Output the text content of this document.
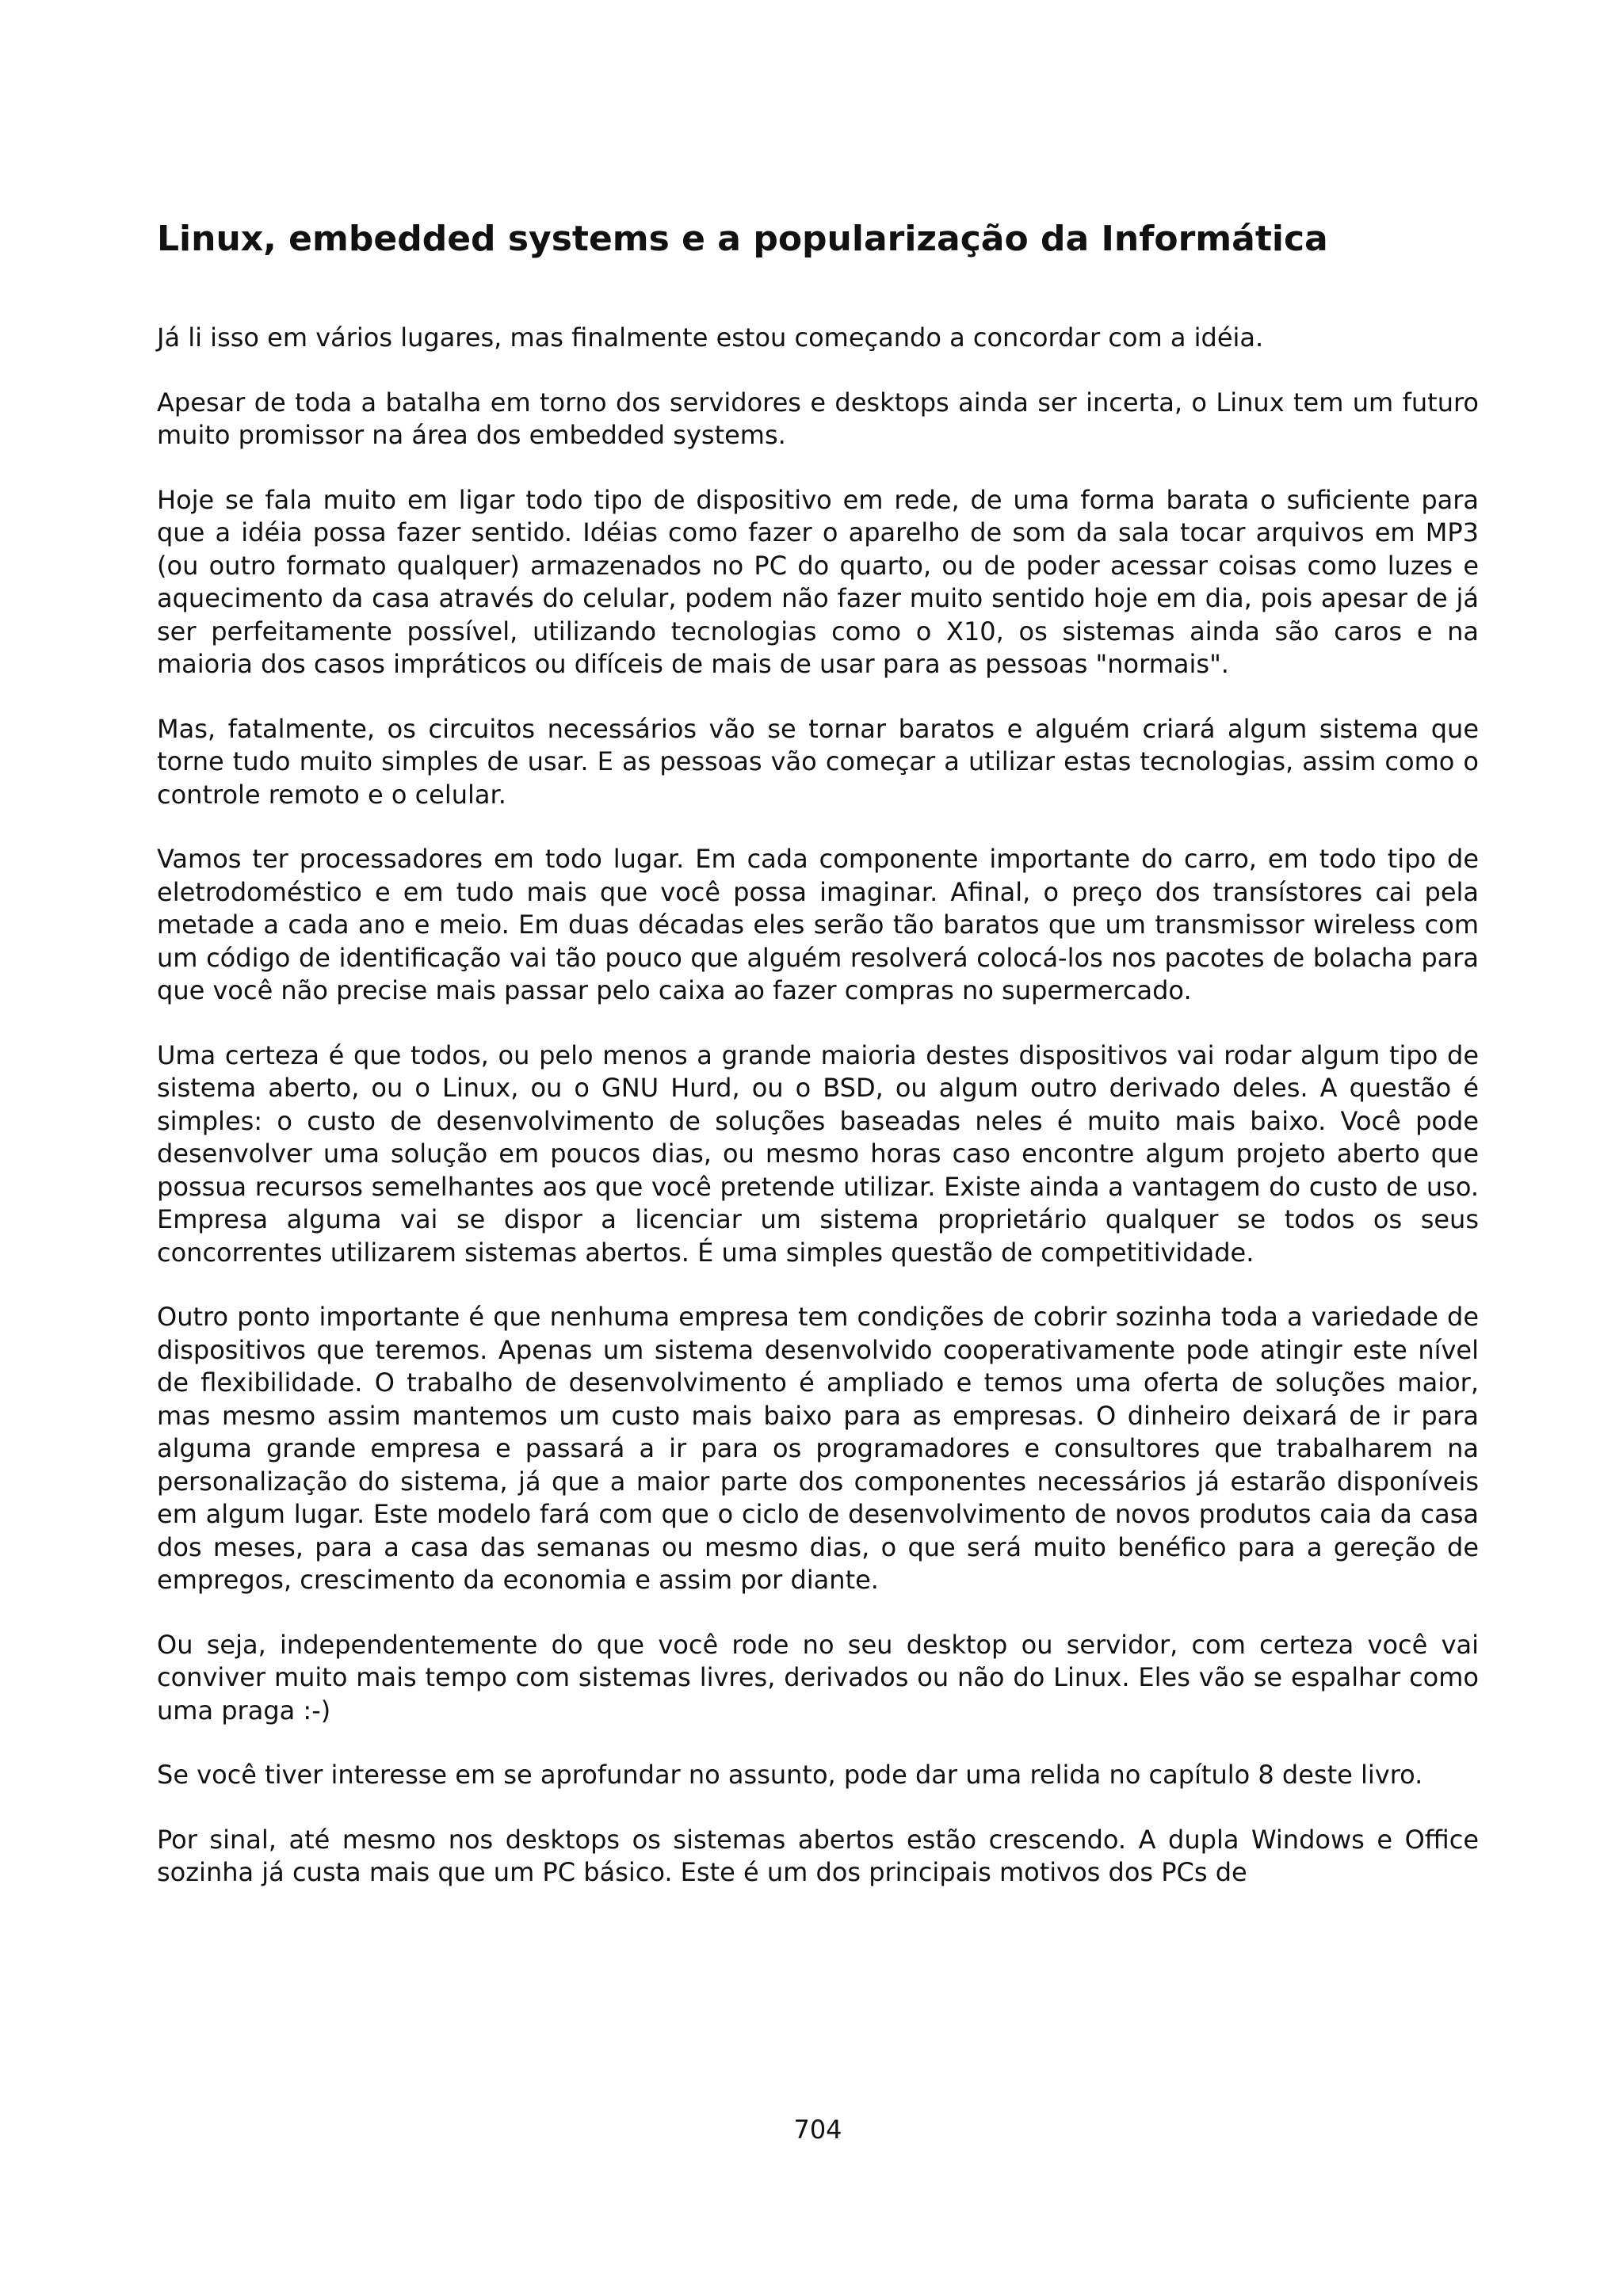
Linux, embedded systems e a popularização da Informática

Já li isso em vários lugares, mas finalmente estou começando a concordar com a idéia.

Apesar de toda a batalha em torno dos servidores e desktops ainda ser incerta, o Linux tem um futuro muito promissor na área dos embedded systems.

Hoje se fala muito em ligar todo tipo de dispositivo em rede, de uma forma barata o suficiente para que a idéia possa fazer sentido. Idéias como fazer o aparelho de som da sala tocar arquivos em MP3 (ou outro formato qualquer) armazenados no PC do quarto, ou de poder acessar coisas como luzes e aquecimento da casa através do celular, podem não fazer muito sentido hoje em dia, pois apesar de já ser perfeitamente possível, utilizando tecnologias como o X10, os sistemas ainda são caros e na maioria dos casos impráticos ou difíceis de mais de usar para as pessoas "normais".

Mas, fatalmente, os circuitos necessários vão se tornar baratos e alguém criará algum sistema que torne tudo muito simples de usar. E as pessoas vão começar a utilizar estas tecnologias, assim como o controle remoto e o celular.

Vamos ter processadores em todo lugar. Em cada componente importante do carro, em todo tipo de eletrodoméstico e em tudo mais que você possa imaginar. Afinal, o preço dos transístores cai pela metade a cada ano e meio. Em duas décadas eles serão tão baratos que um transmissor wireless com um código de identificação vai tão pouco que alguém resolverá colocá-los nos pacotes de bolacha para que você não precise mais passar pelo caixa ao fazer compras no supermercado.

Uma certeza é que todos, ou pelo menos a grande maioria destes dispositivos vai rodar algum tipo de sistema aberto, ou o Linux, ou o GNU Hurd, ou o BSD, ou algum outro derivado deles. A questão é simples: o custo de desenvolvimento de soluções baseadas neles é muito mais baixo. Você pode desenvolver uma solução em poucos dias, ou mesmo horas caso encontre algum projeto aberto que possua recursos semelhantes aos que você pretende utilizar. Existe ainda a vantagem do custo de uso. Empresa alguma vai se dispor a licenciar um sistema proprietário qualquer se todos os seus concorrentes utilizarem sistemas abertos. É uma simples questão de competitividade.

Outro ponto importante é que nenhuma empresa tem condições de cobrir sozinha toda a variedade de dispositivos que teremos. Apenas um sistema desenvolvido cooperativamente pode atingir este nível de flexibilidade. O trabalho de desenvolvimento é ampliado e temos uma oferta de soluções maior, mas mesmo assim mantemos um custo mais baixo para as empresas. O dinheiro deixará de ir para alguma grande empresa e passará a ir para os programadores e consultores que trabalharem na personalização do sistema, já que a maior parte dos componentes necessários já estarão disponíveis em algum lugar. Este modelo fará com que o ciclo de desenvolvimento de novos produtos caia da casa dos meses, para a casa das semanas ou mesmo dias, o que será muito benéfico para a gereção de empregos, crescimento da economia e assim por diante.

Ou seja, independentemente do que você rode no seu desktop ou servidor, com certeza você vai conviver muito mais tempo com sistemas livres, derivados ou não do Linux. Eles vão se espalhar como uma praga :-)

Se você tiver interesse em se aprofundar no assunto, pode dar uma relida no capítulo 8 deste livro.

Por sinal, até mesmo nos desktops os sistemas abertos estão crescendo. A dupla Windows e Office sozinha já custa mais que um PC básico. Este é um dos principais motivos dos PCs de

704
